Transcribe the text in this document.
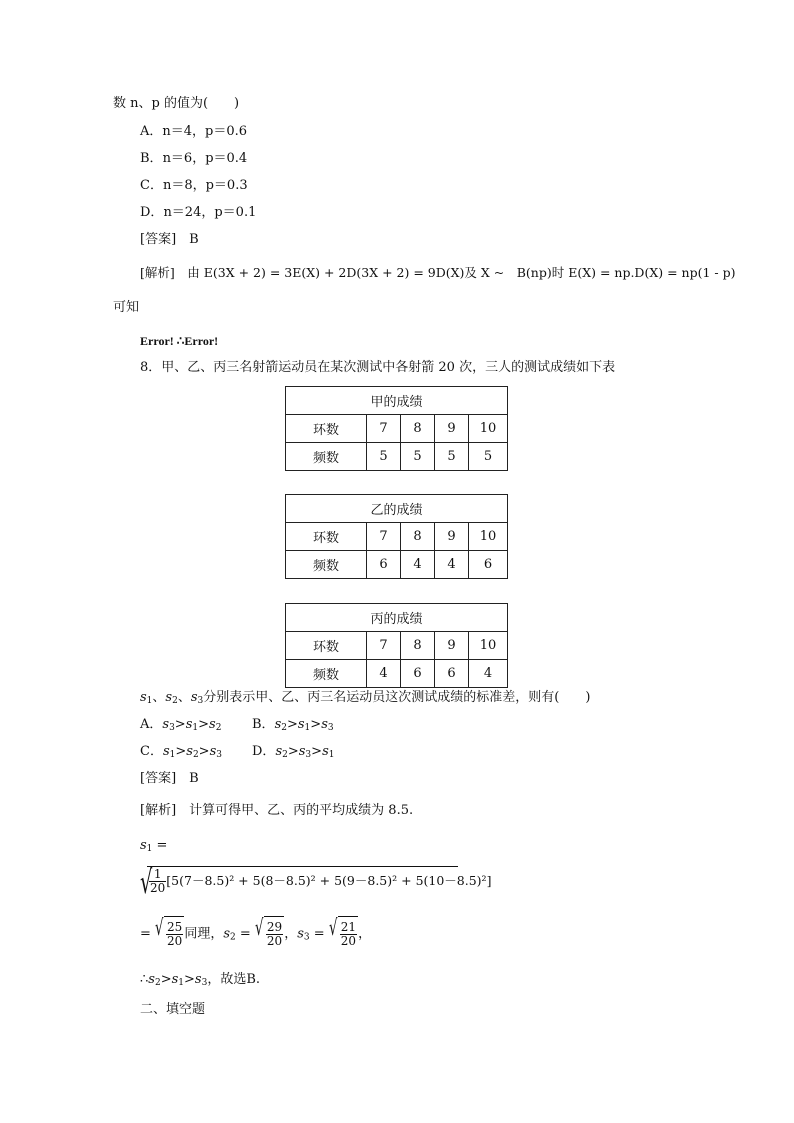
数 n、p 的值为(　　)
A．n＝4，p＝0.6
B．n＝6，p＝0.4
C．n＝8，p＝0.3
D．n＝24，p＝0.1
[答案]　 B
[解析]　 由 E(3X + 2) = 3E(X) + 2D(3X + 2) = 9D(X)及 X ~　B(np)时 E(X) = np.D(X) = np(1 - p)
可知
Error! ∴Error!
8．甲、乙、丙三名射箭运动员在某次测试中各射箭 20 次，三人的测试成绩如下表
甲的成绩				
环数	7	8	9	10
频数	5	5	5	5
乙的成绩				
环数	7	8	9	10
频数	6	4	4	6
丙的成绩				
环数	7	8	9	10
频数	4	6	6	4
$s_1$、$s_2$、$s_3$分别表示甲、乙、丙三名运动员这次测试成绩的标准差，则有(　　)
A．$s_3>s_1>s_2$ B．$s_2>s_1>s_3$
C．$s_1>s_2>s_3$ D．$s_2>s_3>s_1$
[答案]　 B
[解析]　 计算可得甲、乙、丙的平均成绩为 8.5.
$s_1$ =
√
$\frac{1}{20} [5(7-8.5)^2 + 5(8-8.5)^2 + 5(9-8.5)^2 + 5(10-8.5)^2]$
= √ $\frac{25}{20}$ 同理，$s_2$ = √ $\frac{29}{20}$ ，$s_3$ = √ $\frac{21}{20}$ ，
$\therefore s_2>s_1>s_3$，故选B.
二、填空题
